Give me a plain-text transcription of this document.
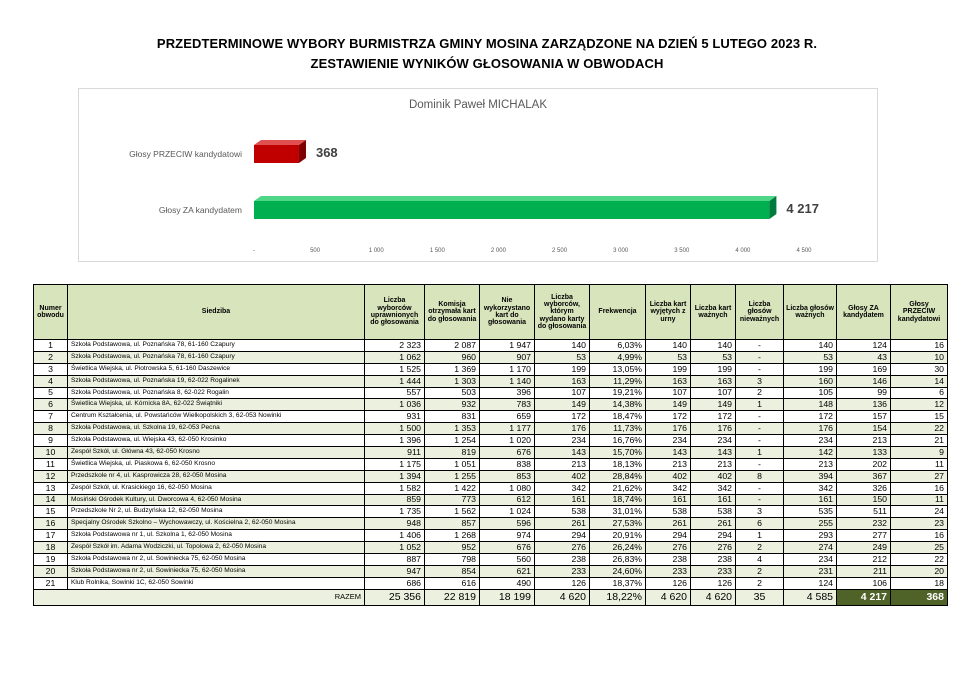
PRZEDTERMINOWE WYBORY BURMISTRZA GMINY MOSINA ZARZĄDZONE NA DZIEŃ 5 LUTEGO 2023 R.
ZESTAWIENIE WYNIKÓW GŁOSOWANIA W OBWODACH
Dominik Paweł MICHALAK
368
Głosy PRZECIW kandydatowi
4 217
Głosy ZA kandydatem
-	500	1 000	1 500	2 000	2 500	3 000	3 500	4 000	4 500
Numer obwodu	Siedziba	Liczba wyborców uprawnionych do głosowania	Komisja otrzymała kart do głosowania	Nie wykorzystano kart do głosowania	Liczba wyborców, którym wydano karty do głosowania	Frekwencja	Liczba kart wyjętych z urny	Liczba kart ważnych	Liczba głosów nieważnych	Liczba głosów ważnych	Głosy ZA kandydatem	Głosy PRZECIW kandydatowi
1	Szkoła Podstawowa, ul. Poznańska 78, 61-160 Czapury	2 323	2 087	1 947	140	6,03%	140	140	-	140	124	16
2	Szkoła Podstawowa, ul. Poznańska 78, 61-160 Czapury	1 062	960	907	53	4,99%	53	53	-	53	43	10
3	Świetlica Wiejska, ul. Piotrowska 5, 61-160 Daszewice	1 525	1 369	1 170	199	13,05%	199	199	-	199	169	30
4	Szkoła Podstawowa, ul. Poznańska 19, 62-022 Rogalinek	1 444	1 303	1 140	163	11,29%	163	163	3	160	146	14
5	Szkoła Podstawowa, ul. Poznańska 8, 62-022 Rogalin	557	503	396	107	19,21%	107	107	2	105	99	6
6	Świetlica Wiejska, ul. Kórnicka 8A, 62-022 Świątniki	1 036	932	783	149	14,38%	149	149	1	148	136	12
7	Centrum Kształcenia, ul. Powstańców Wielkopolskich 3, 62-053 Nowinki	931	831	659	172	18,47%	172	172	-	172	157	15
8	Szkoła Podstawowa, ul. Szkolna 19, 62-053 Pecna	1 500	1 353	1 177	176	11,73%	176	176	-	176	154	22
9	Szkoła Podstawowa, ul. Wiejska 43, 62-050 Krosinko	1 396	1 254	1 020	234	16,76%	234	234	-	234	213	21
10	Zespół Szkół, ul. Główna 43, 62-050 Krosno	911	819	676	143	15,70%	143	143	1	142	133	9
11	Świetlica Wiejska, ul. Piaskowa 6, 62-050 Krosno	1 175	1 051	838	213	18,13%	213	213	-	213	202	11
12	Przedszkole nr 4, ul. Kasprowicza 28, 62-050 Mosina	1 394	1 255	853	402	28,84%	402	402	8	394	367	27
13	Zespół Szkół, ul. Krasickiego 16, 62-050 Mosina	1 582	1 422	1 080	342	21,62%	342	342	-	342	326	16
14	Mosiński Ośrodek Kultury, ul. Dworcowa 4, 62-050 Mosina	859	773	612	161	18,74%	161	161	-	161	150	11
15	Przedszkole Nr 2, ul. Budzyńska 12, 62-050 Mosina	1 735	1 562	1 024	538	31,01%	538	538	3	535	511	24
16	Specjalny Ośrodek Szkolno – Wychowawczy, ul. Kościelna 2, 62-050 Mosina	948	857	596	261	27,53%	261	261	6	255	232	23
17	Szkoła Podstawowa nr 1, ul. Szkolna 1, 62-050 Mosina	1 406	1 268	974	294	20,91%	294	294	1	293	277	16
18	Zespół Szkół im. Adama Wodziczki, ul. Topolowa 2, 62-050 Mosina	1 052	952	676	276	26,24%	276	276	2	274	249	25
19	Szkoła Podstawowa nr 2, ul. Sowiniecka 75, 62-050 Mosina	887	798	560	238	26,83%	238	238	4	234	212	22
20	Szkoła Podstawowa nr 2, ul. Sowiniecka 75, 62-050 Mosina	947	854	621	233	24,60%	233	233	2	231	211	20
21	Klub Rolnika, Sowinki 1C, 62-050 Sowinki	686	616	490	126	18,37%	126	126	2	124	106	18
RAZEM		25 356	22 819	18 199	4 620	18,22%	4 620	4 620	35	4 585	4 217	368
